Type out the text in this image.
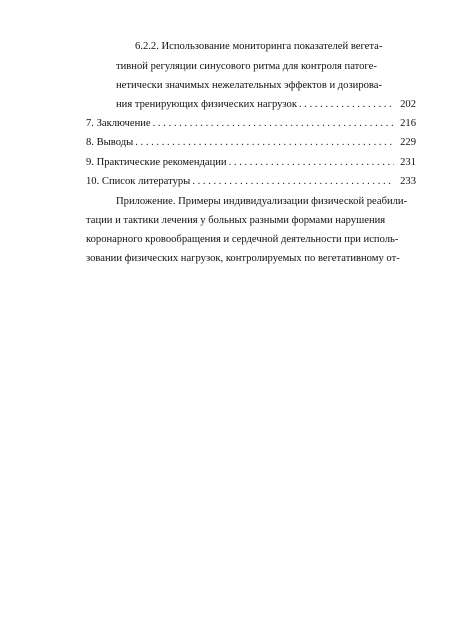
6.2.2. Использование мониторинга показателей вегета-
тивной регуляции синусового ритма для контроля патоге-
нетически значимых нежелательных эффектов и дозирова-
ния тренирующих физических нагрузок . . .	202
7. Заключение . . .	216
8. Выводы . . .	229
9. Практические рекомендации . . .	231
10. Список литературы . . .	233
Приложение. Примеры индивидуализации физической реабили-
тации и тактики лечения у больных разными формами нарушения
коронарного кровообращения и сердечной деятельности при исполь-
зовании физических нагрузок, контролируемых по вегетативному от-
